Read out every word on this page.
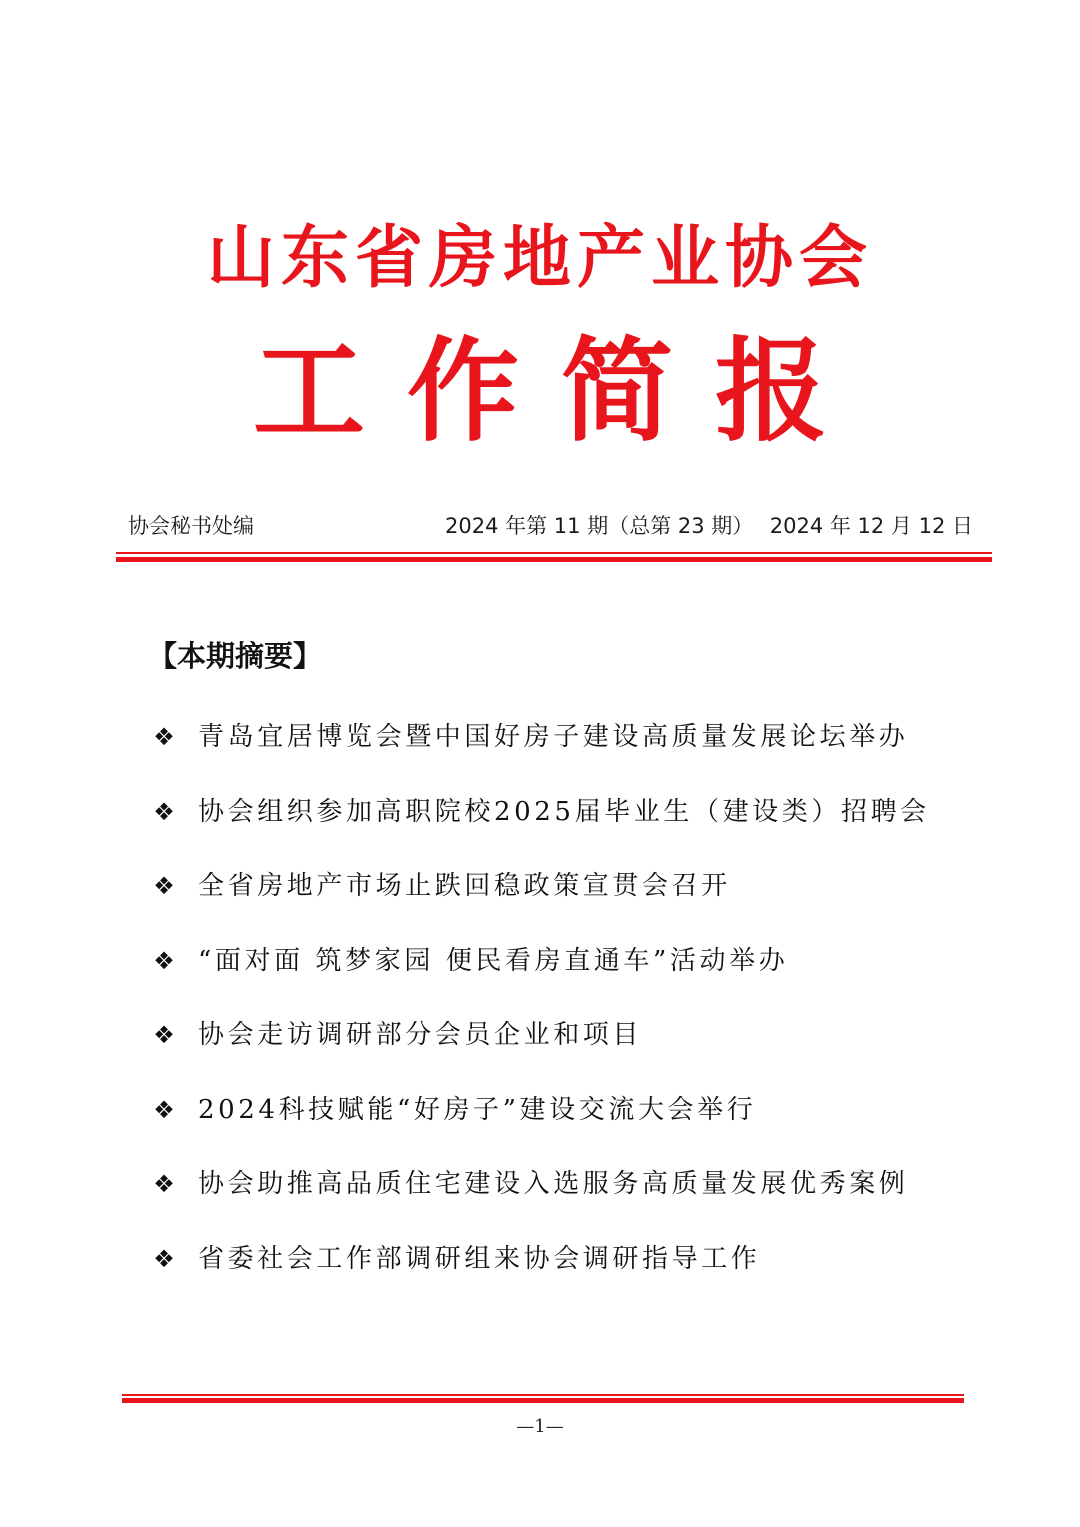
山东省房地产业协会
工作简报
协会秘书处编	2024 年第 11 期（总第 23 期） 2024 年 12 月 12 日
【本期摘要】
❖ 青岛宜居博览会暨中国好房子建设高质量发展论坛举办
❖ 协会组织参加高职院校2025届毕业生（建设类）招聘会
❖ 全省房地产市场止跌回稳政策宣贯会召开
❖ “面对面 筑梦家园 便民看房直通车”活动举办
❖ 协会走访调研部分会员企业和项目
❖ 2024科技赋能“好房子”建设交流大会举行
❖ 协会助推高品质住宅建设入选服务高质量发展优秀案例
❖ 省委社会工作部调研组来协会调研指导工作
—1—
